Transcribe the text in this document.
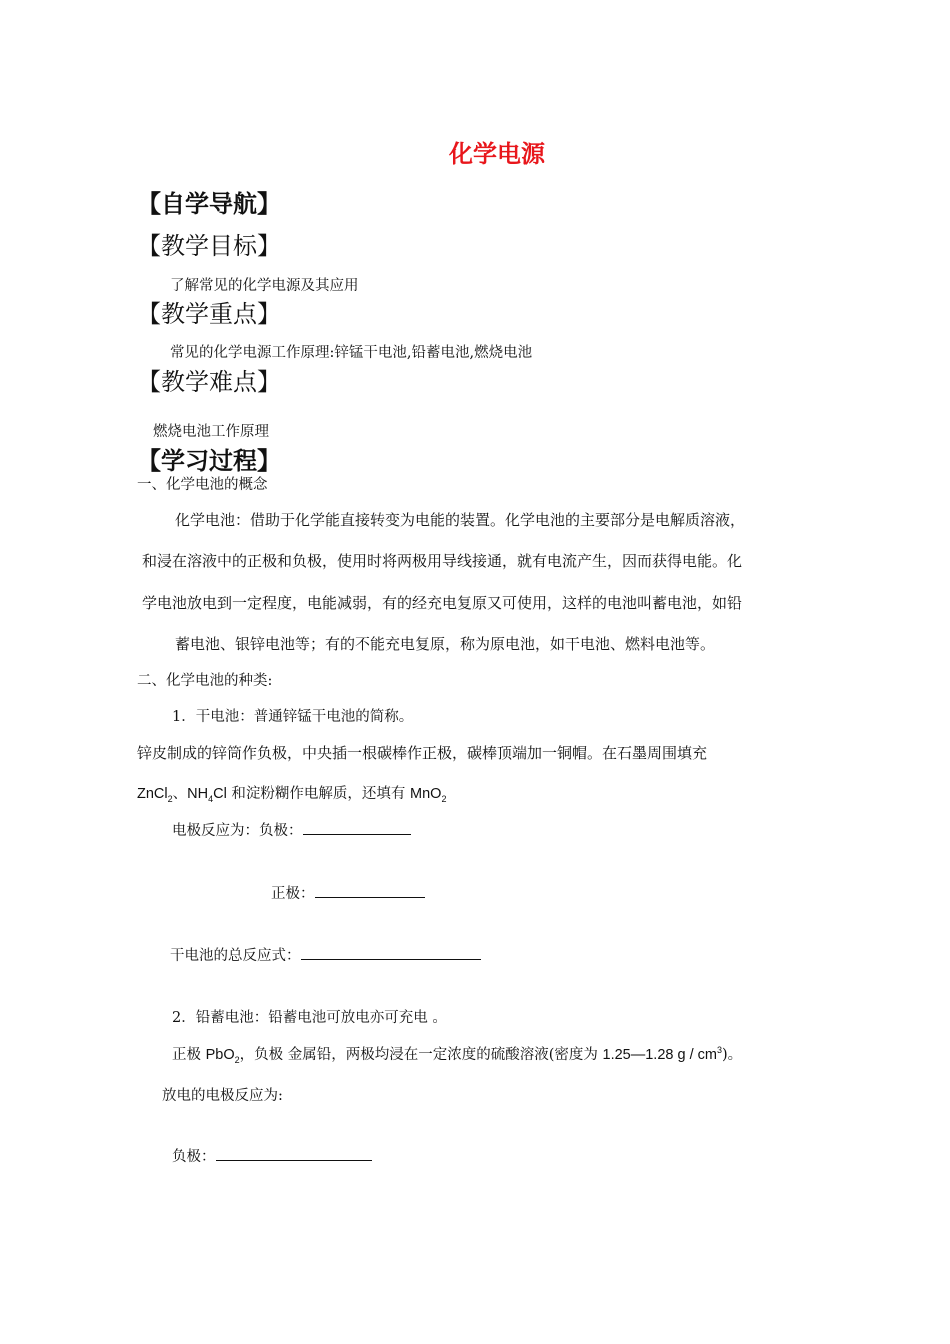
化学电源
【自学导航】
【教学目标】
了解常见的化学电源及其应用
【教学重点】
常见的化学电源工作原理:锌锰干电池,铅蓄电池,燃烧电池
【教学难点】
燃烧电池工作原理
【学习过程】
一、化学电池的概念
化学电池：借助于化学能直接转变为电能的装置。化学电池的主要部分是电解质溶液，
和浸在溶液中的正极和负极，使用时将两极用导线接通，就有电流产生，因而获得电能。化
学电池放电到一定程度，电能减弱，有的经充电复原又可使用，这样的电池叫蓄电池，如铅
蓄电池、银锌电池等；有的不能充电复原，称为原电池，如干电池、燃料电池等。
二、化学电池的种类:
1．干电池：普通锌锰干电池的简称。
锌皮制成的锌筒作负极，中央插一根碳棒作正极，碳棒顶端加一铜帽。在石墨周围填充
ZnCl$_2$、$NH_4Cl$ 和淀粉糊作电解质，还填有 MnO$_2$
电极反应为：负极：
正极：
干电池的总反应式：
2．铅蓄电池：铅蓄电池可放电亦可充电 。
正极 PbO$_2$，负极 金属铅，两极均浸在一定浓度的硫酸溶液(密度为 1.25—1.28 g / $cm^3$)。
放电的电极反应为:
负极：
